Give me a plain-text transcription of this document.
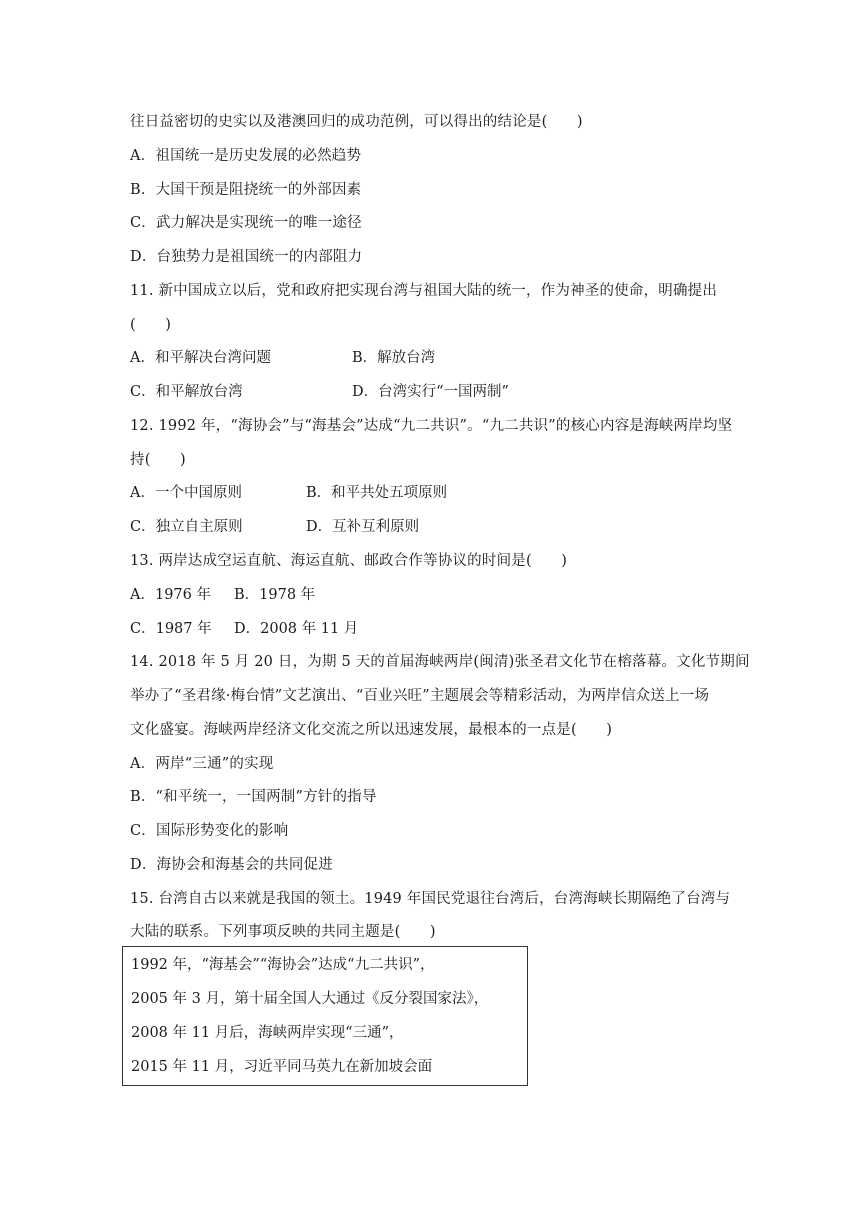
往日益密切的史实以及港澳回归的成功范例，可以得出的结论是(　　)
A．祖国统一是历史发展的必然趋势
B．大国干预是阻挠统一的外部因素
C．武力解决是实现统一的唯一途径
D．台独势力是祖国统一的内部阻力
11. 新中国成立以后，党和政府把实现台湾与祖国大陆的统一，作为神圣的使命，明确提出
(　　)
A．和平解决台湾问题	B．解放台湾
C．和平解放台湾	D．台湾实行“一国两制”
12. 1992 年，“海协会”与“海基会”达成“九二共识”。“九二共识”的核心内容是海峡两岸均坚
持(　　)
A．一个中国原则	B．和平共处五项原则
C．独立自主原则	D．互补互利原则
13. 两岸达成空运直航、海运直航、邮政合作等协议的时间是(　　)
A．1976 年 B．1978 年
C．1987 年 D．2008 年 11 月
14. 2018 年 5 月 20 日，为期 5 天的首届海峡两岸(闽清)张圣君文化节在榕落幕。文化节期间
举办了“圣君缘·梅台情”文艺演出、“百业兴旺”主题展会等精彩活动，为两岸信众送上一场
文化盛宴。海峡两岸经济文化交流之所以迅速发展，最根本的一点是(　　)
A．两岸“三通”的实现
B．“和平统一，一国两制”方针的指导
C．国际形势变化的影响
D．海协会和海基会的共同促进
15. 台湾自古以来就是我国的领土。1949 年国民党退往台湾后，台湾海峡长期隔绝了台湾与
大陆的联系。下列事项反映的共同主题是(　　)
1992 年，“海基会”“海协会”达成“九二共识”，
2005 年 3 月，第十届全国人大通过《反分裂国家法》，
2008 年 11 月后，海峡两岸实现“三通”，
2015 年 11 月，习近平同马英九在新加坡会面
